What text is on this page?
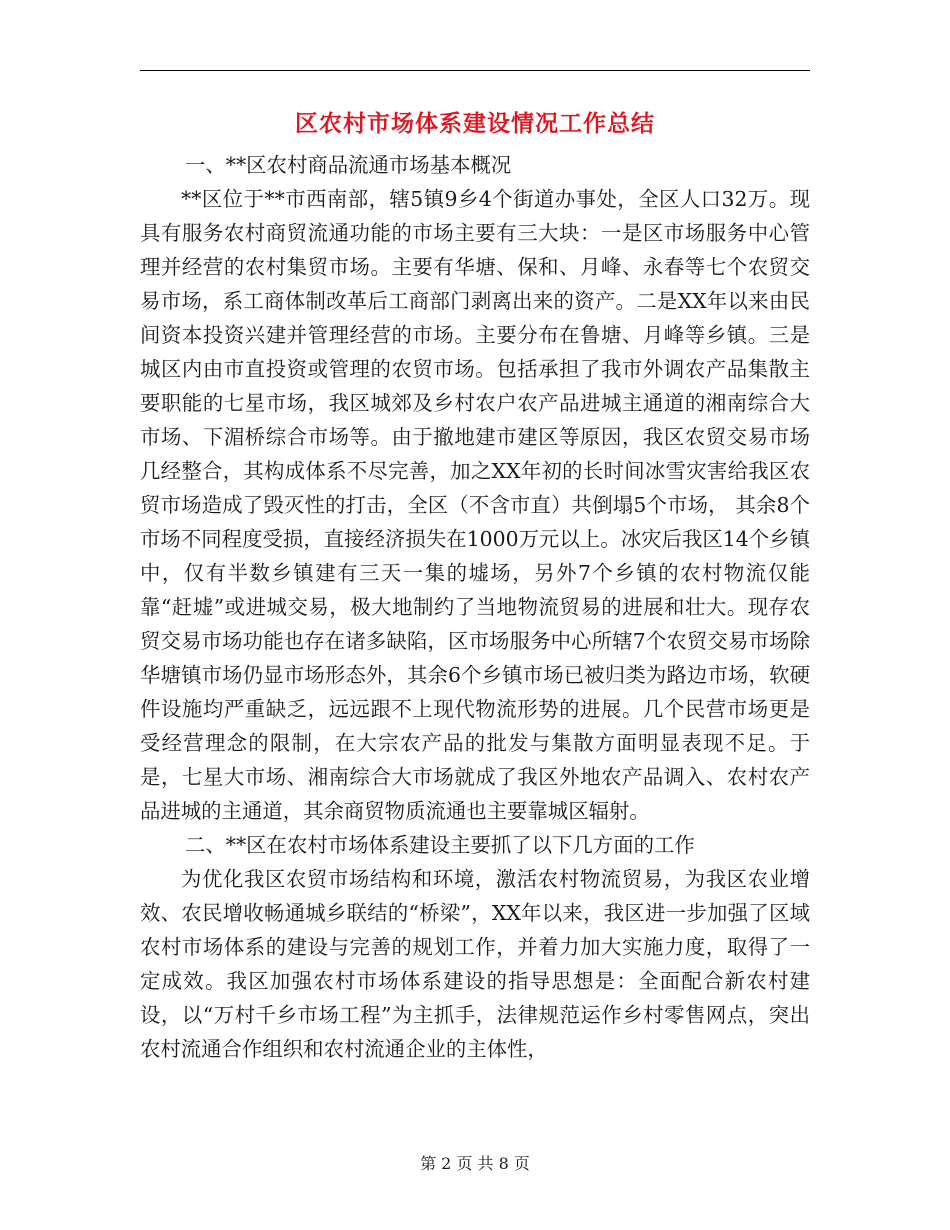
区农村市场体系建设情况工作总结

一、**区农村商品流通市场基本概况

**区位于**市西南部，辖5镇9乡4个街道办事处，全区人口32万。现具有服务农村商贸流通功能的市场主要有三大块：一是区市场服务中心管理并经营的农村集贸市场。主要有华塘、保和、月峰、永春等七个农贸交易市场，系工商体制改革后工商部门剥离出来的资产。二是XX年以来由民间资本投资兴建并管理经营的市场。主要分布在鲁塘、月峰等乡镇。三是城区内由市直投资或管理的农贸市场。包括承担了我市外调农产品集散主要职能的七星市场，我区城郊及乡村农户农产品进城主通道的湘南综合大市场、下湄桥综合市场等。由于撤地建市建区等原因，我区农贸交易市场几经整合，其构成体系不尽完善，加之XX年初的长时间冰雪灾害给我区农贸市场造成了毁灭性的打击，全区（不含市直）共倒塌5个市场， 其余8个市场不同程度受损，直接经济损失在1000万元以上。冰灾后我区14个乡镇中，仅有半数乡镇建有三天一集的墟场，另外7个乡镇的农村物流仅能靠“赶墟”或进城交易，极大地制约了当地物流贸易的进展和壮大。现存农贸交易市场功能也存在诸多缺陷，区市场服务中心所辖7个农贸交易市场除华塘镇市场仍显市场形态外，其余6个乡镇市场已被归类为路边市场，软硬件设施均严重缺乏，远远跟不上现代物流形势的进展。几个民营市场更是受经营理念的限制，在大宗农产品的批发与集散方面明显表现不足。于是，七星大市场、湘南综合大市场就成了我区外地农产品调入、农村农产品进城的主通道，其余商贸物质流通也主要靠城区辐射。

二、**区在农村市场体系建设主要抓了以下几方面的工作

为优化我区农贸市场结构和环境，激活农村物流贸易，为我区农业增效、农民增收畅通城乡联结的“桥梁”，XX年以来，我区进一步加强了区域农村市场体系的建设与完善的规划工作，并着力加大实施力度，取得了一定成效。我区加强农村市场体系建设的指导思想是：全面配合新农村建设，以“万村千乡市场工程”为主抓手，法律规范运作乡村零售网点，突出农村流通合作组织和农村流通企业的主体性，

第 2 页 共 8 页
